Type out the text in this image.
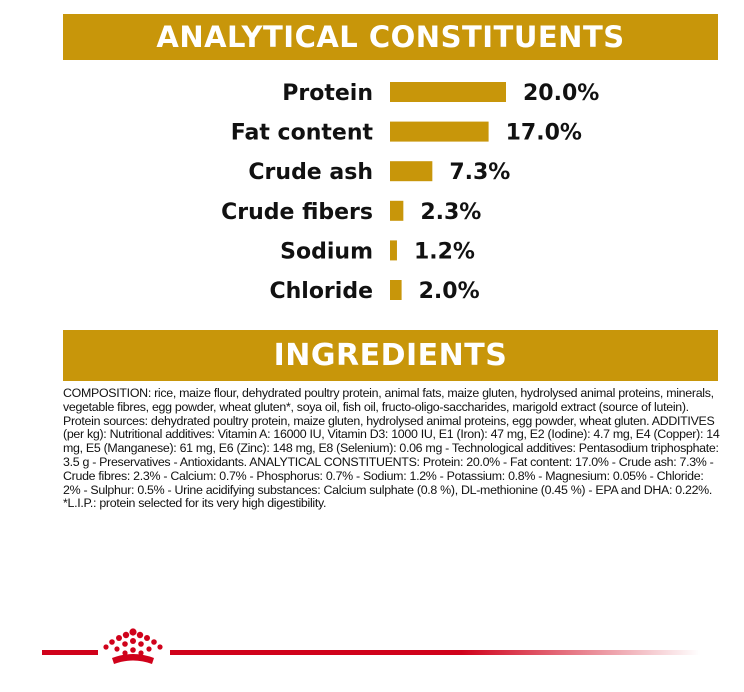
ANALYTICAL CONSTITUENTS
Protein	20.0%
Fat content	17.0%
Crude ash	7.3%
Crude fibers 2.3%
Sodium 1.2%
Chloride 2.0%
INGREDIENTS

COMPOSITION: rice, maize flour, dehydrated poultry protein, animal fats, maize gluten, hydrolysed animal proteins, minerals, vegetable fibres, egg powder, wheat gluten*, soya oil, fish oil, fructo-oligo-saccharides, marigold extract (source of lutein). Protein sources: dehydrated poultry protein, maize gluten, hydrolysed animal proteins, egg powder, wheat gluten. ADDITIVES (per kg): Nutritional additives: Vitamin A: 16000 IU, Vitamin D3: 1000 IU, E1 (Iron): 47 mg, E2 (Iodine): 4.7 mg, E4 (Copper): 14 mg, E5 (Manganese): 61 mg, E6 (Zinc): 148 mg, E8 (Selenium): 0.06 mg - Technological additives: Pentasodium triphosphate: 3.5 g - Preservatives - Antioxidants. ANALYTICAL CONSTITUENTS: Protein: 20.0% - Fat content: 17.0% - Crude ash: 7.3% - Crude fibres: 2.3% - Calcium: 0.7% - Phosphorus: 0.7% - Sodium: 1.2% - Potassium: 0.8% - Magnesium: 0.05% - Chloride: 2% - Sulphur: 0.5% - Urine acidifying substances: Calcium sulphate (0.8 %), DL-methionine (0.45 %) - EPA and DHA: 0.22%. *L.I.P.: protein selected for its very high digestibility.
